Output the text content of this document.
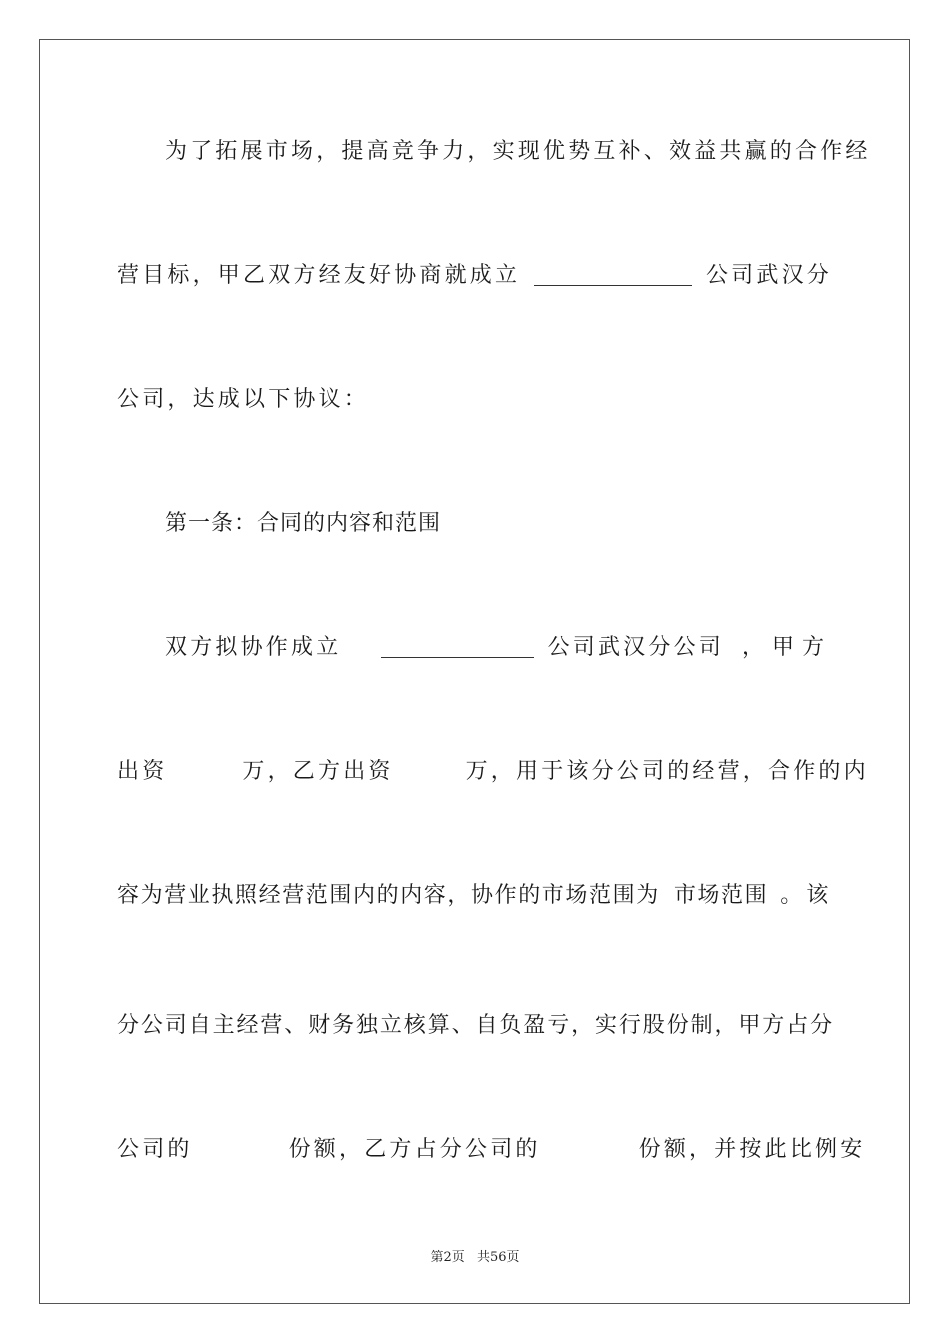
为了拓展市场，提高竞争力，实现优势互补、效益共赢的合作经
营目标，甲乙双方经友好协商就成立	公司武汉分
公司，达成以下协议：
第一条：合同的内容和范围
双方拟协作成立	公司武汉分公司 ，甲方
出资	万，乙方出资	万，用于该分公司的经营，合作的内
容为营业执照经营范围内的内容，协作的市场范围为 市场范围 。该
分公司自主经营、财务独立核算、自负盈亏，实行股份制，甲方占分
公司的	份额，乙方占分公司的	份额，并按此比例安
第2页 共56页
